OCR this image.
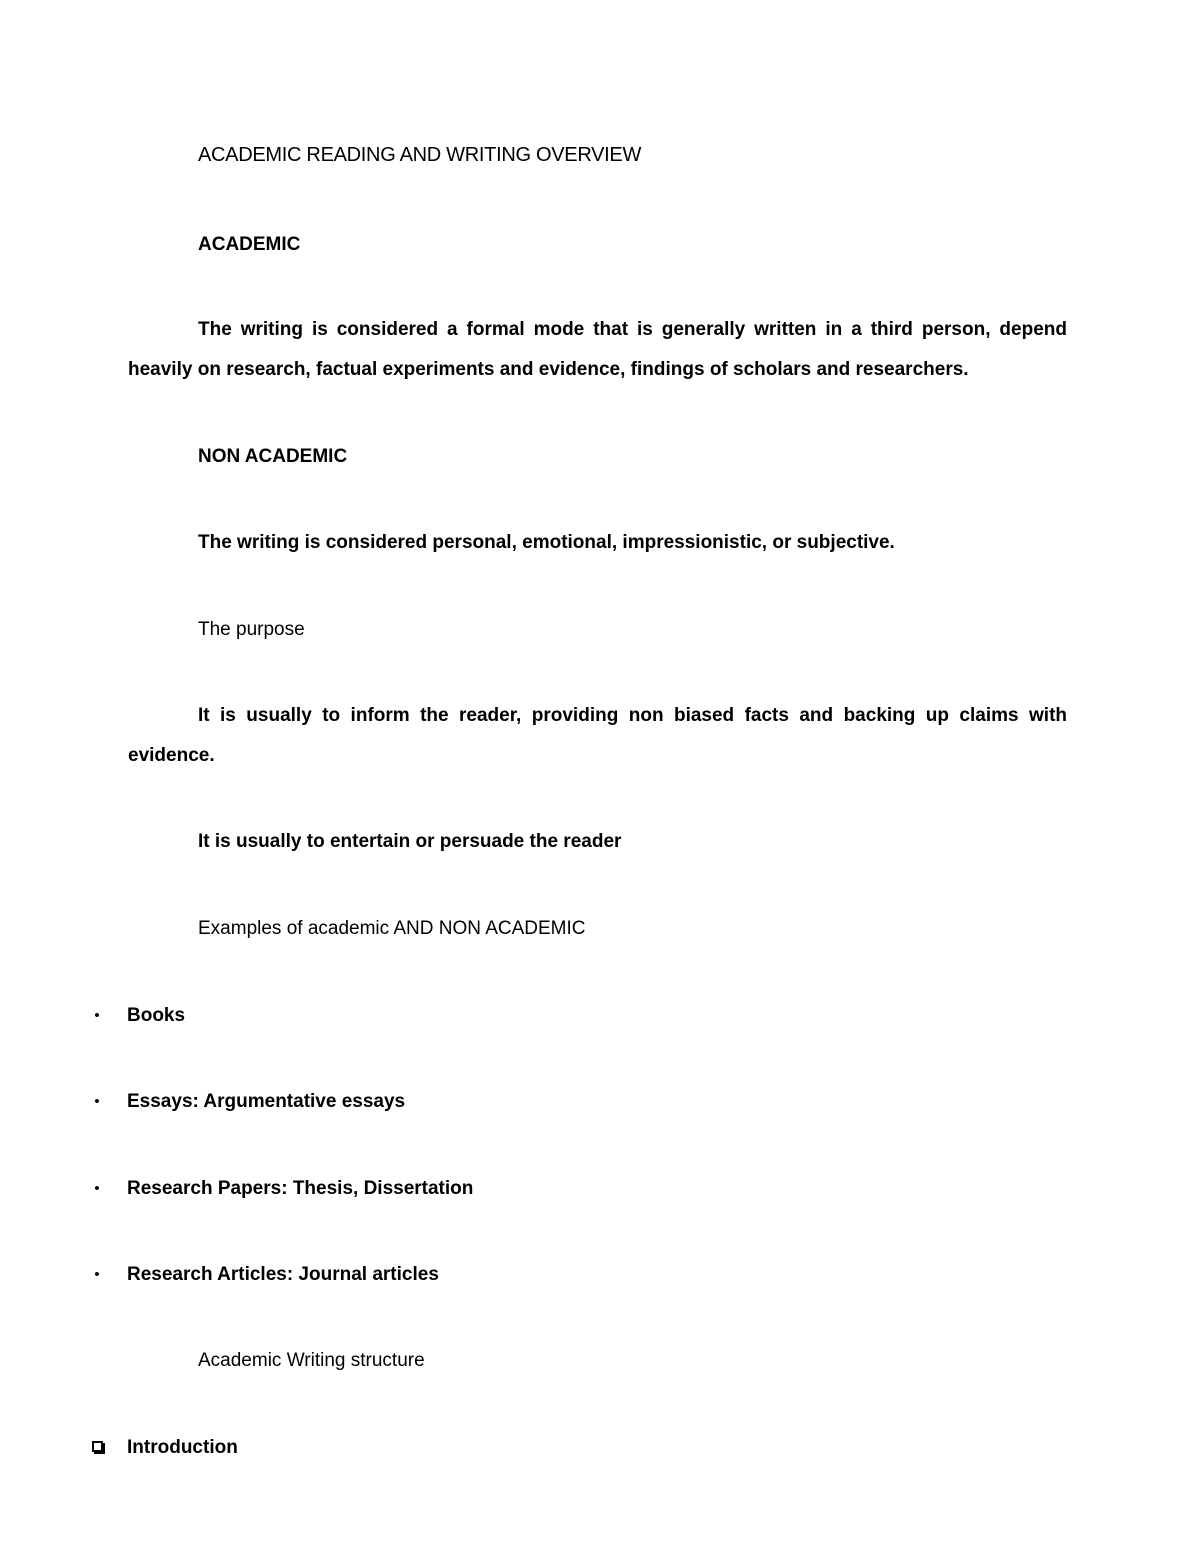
ACADEMIC READING AND WRITING OVERVIEW
ACADEMIC
The writing is considered a formal mode that is generally written in a third person, depend heavily on research, factual experiments and evidence, findings of scholars and researchers.
NON ACADEMIC
The writing is considered personal, emotional, impressionistic, or subjective.
The purpose
It is usually to inform the reader, providing non biased facts and backing up claims with evidence.
It is usually to entertain or persuade the reader
Examples of academic AND NON ACADEMIC
• Books
• Essays: Argumentative essays
• Research Papers: Thesis, Dissertation
• Research Articles: Journal articles
Academic Writing structure
Introduction
